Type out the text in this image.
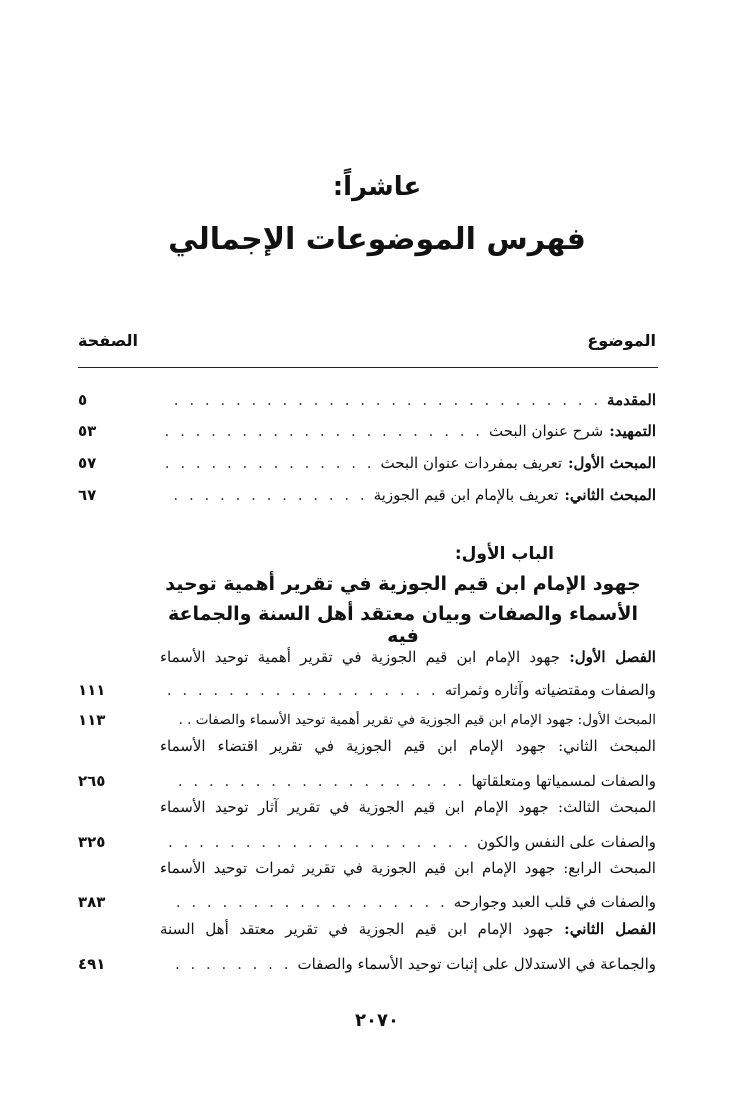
عاشراً:
فهرس الموضوعات الإجمالي
الموضوع
الصفحة
المقدمة
. . .
٥
التمهيد:
شرح عنوان البحث
. . .
٥٣
المبحث الأول:
تعريف بمفردات عنوان البحث
. . .
٥٧
المبحث الثاني:
تعريف بالإمام ابن قيم الجوزية
. . .
٦٧
الباب الأول:
جهود الإمام ابن قيم الجوزية في تقرير أهمية توحيد
الأسماء والصفات وبيان معتقد أهل السنة والجماعة فيه
الفصل الأول: جهود الإمام ابن قيم الجوزية في تقرير أهمية توحيد الأسماء
والصفات ومقتضياته وآثاره وثمراته
. . .
١١١
المبحث الأول:
جهود الإمام ابن قيم الجوزية في تقرير أهمية توحيد الأسماء والصفات . .
١١٣
المبحث الثاني: جهود الإمام ابن قيم الجوزية في تقرير اقتضاء الأسماء
والصفات لمسمياتها ومتعلقاتها
. . .
٢٦٥
المبحث الثالث: جهود الإمام ابن قيم الجوزية في تقرير آثار توحيد الأسماء
والصفات على النفس والكون
. . .
٣٢٥
المبحث الرابع: جهود الإمام ابن قيم الجوزية في تقرير ثمرات توحيد الأسماء
والصفات في قلب العبد وجوارحه
. . .
٣٨٣
الفصل الثاني: جهود الإمام ابن قيم الجوزية في تقرير معتقد أهل السنة
والجماعة في الاستدلال على إثبات توحيد الأسماء والصفات
. . .
٤٩١
٢٠٧٠
